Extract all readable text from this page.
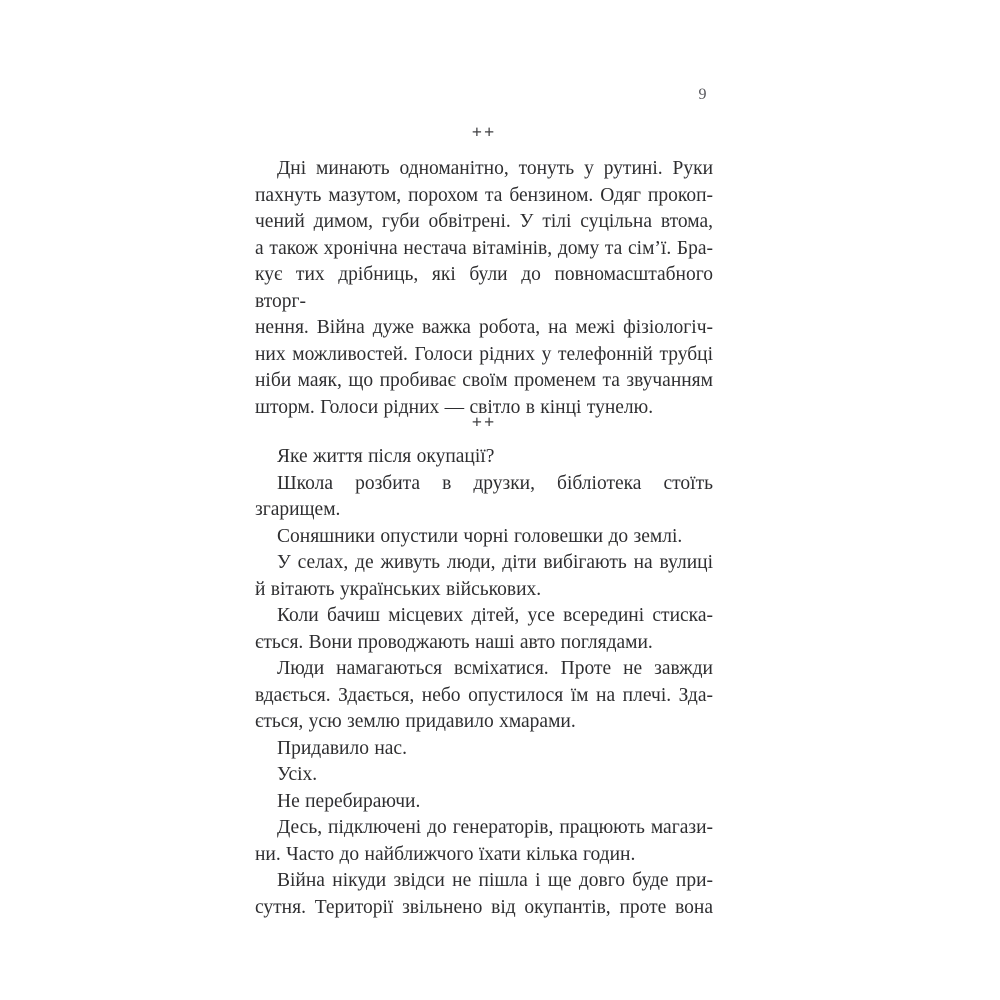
9
++
Дні минають одноманітно, тонуть у рутині. Руки
пахнуть мазутом, порохом та бензином. Одяг прокоп-
чений димом, губи обвітрені. У тілі суцільна втома,
а також хронічна нестача вітамінів, дому та сім’ї. Бра-
кує тих дрібниць, які були до повномасштабного вторг-
нення. Війна дуже важка робота, на межі фізіологіч-
них можливостей. Голоси рідних у телефонній трубці
ніби маяк, що пробиває своїм променем та звучанням
шторм. Голоси рідних — світло в кінці тунелю.
++
Яке життя після окупації?
Школа розбита в друзки, бібліотека стоїть згарищем.
Соняшники опустили чорні головешки до землі.
У селах, де живуть люди, діти вибігають на вулиці
й вітають українських військових.
Коли бачиш місцевих дітей, усе всередині стиска-
ється. Вони проводжають наші авто поглядами.
Люди намагаються всміхатися. Проте не завжди
вдається. Здається, небо опустилося їм на плечі. Зда-
ється, усю землю придавило хмарами.
Придавило нас.
Усіх.
Не перебираючи.
Десь, підключені до генераторів, працюють магази-
ни. Часто до найближчого їхати кілька годин.
Війна нікуди звідси не пішла і ще довго буде при-
сутня. Території звільнено від окупантів, проте вона
